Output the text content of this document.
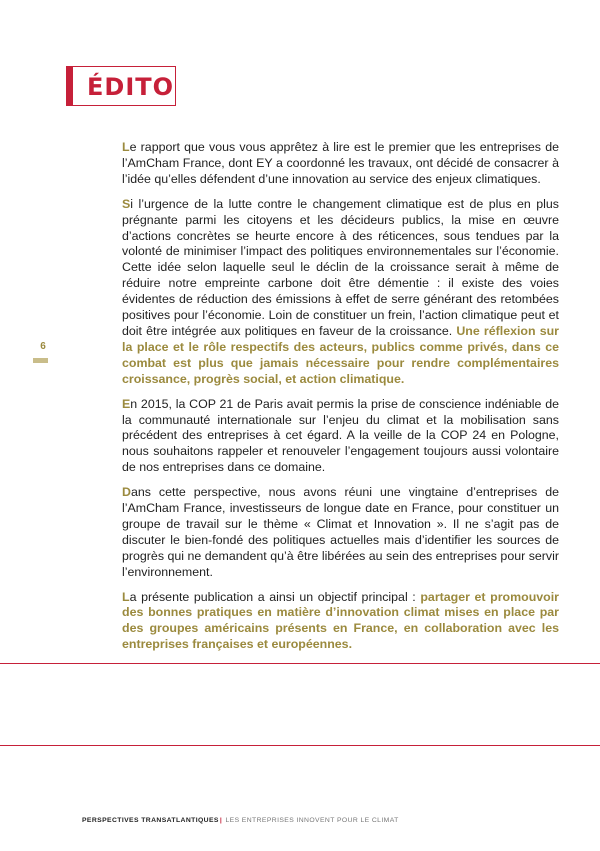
ÉDITO
6

Le rapport que vous vous apprêtez à lire est le premier que les entreprises de l’AmCham France, dont EY a coordonné les travaux, ont décidé de consacrer à l’idée qu’elles défendent d’une innovation au service des enjeux climatiques.

Si l’urgence de la lutte contre le changement climatique est de plus en plus prégnante parmi les citoyens et les décideurs publics, la mise en œuvre d’actions concrètes se heurte encore à des réticences, sous tendues par la volonté de minimiser l’impact des politiques environnementales sur l’économie. Cette idée selon laquelle seul le déclin de la croissance serait à même de réduire notre empreinte carbone doit être démentie : il existe des voies évidentes de réduction des émissions à effet de serre générant des retombées positives pour l’économie. Loin de constituer un frein, l’action climatique peut et doit être intégrée aux politiques en faveur de la croissance. Une réflexion sur la place et le rôle respectifs des acteurs, publics comme privés, dans ce combat est plus que jamais nécessaire pour rendre complémentaires croissance, progrès social, et action climatique.

En 2015, la COP 21 de Paris avait permis la prise de conscience indéniable de la communauté internationale sur l’enjeu du climat et la mobilisation sans précédent des entreprises à cet égard. A la veille de la COP 24 en Pologne, nous souhaitons rappeler et renouveler l’engagement toujours aussi volontaire de nos entreprises dans ce domaine.

Dans cette perspective, nous avons réuni une vingtaine d’entreprises de l’AmCham France, investisseurs de longue date en France, pour constituer un groupe de travail sur le thème « Climat et Innovation ». Il ne s’agit pas de discuter le bien-fondé des politiques actuelles mais d’identifier les sources de progrès qui ne demandent qu’à être libérées au sein des entreprises pour servir l’environnement.

La présente publication a ainsi un objectif principal : partager et promouvoir des bonnes pratiques en matière d’innovation climat mises en place par des groupes américains présents en France, en collaboration avec les entreprises françaises et européennes.

PERSPECTIVES TRANSATLANTIQUES| LES ENTREPRISES INNOVENT POUR LE CLIMAT
